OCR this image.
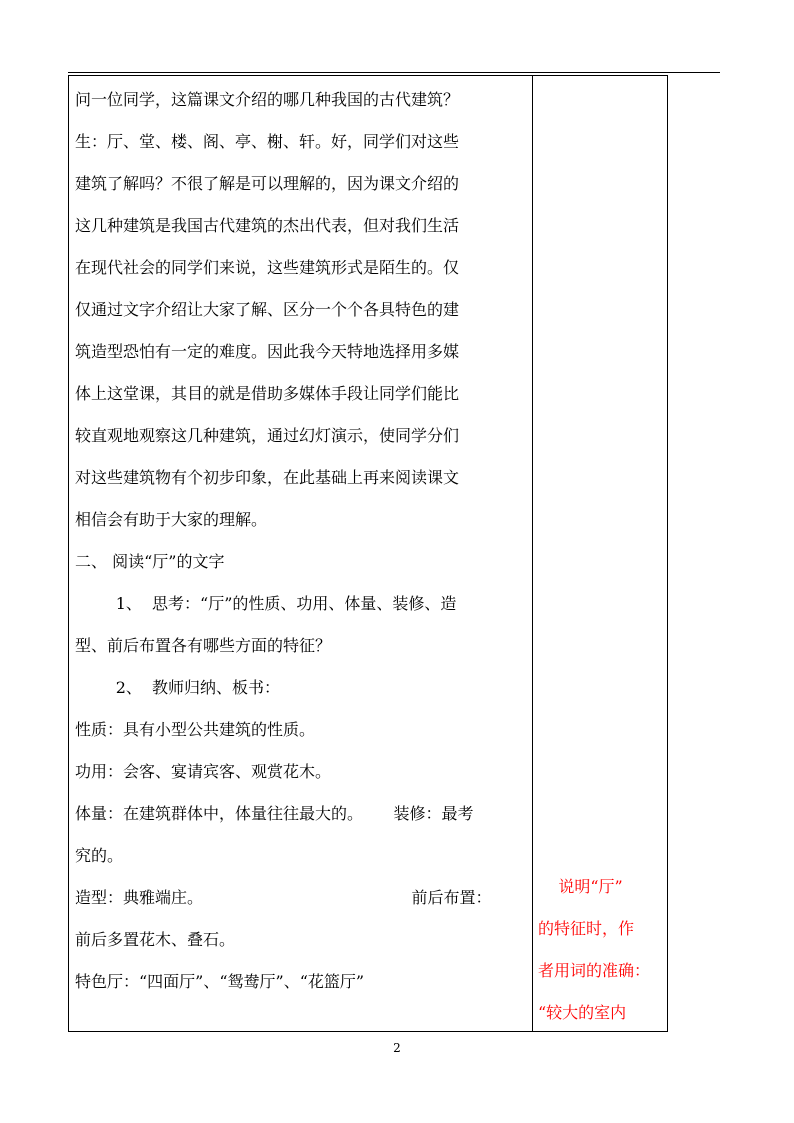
问一位同学，这篇课文介绍的哪几种我国的古代建筑？
生：厅、堂、楼、阁、亭、榭、轩。好，同学们对这些
建筑了解吗？不很了解是可以理解的，因为课文介绍的
这几种建筑是我国古代建筑的杰出代表，但对我们生活
在现代社会的同学们来说，这些建筑形式是陌生的。仅
仅通过文字介绍让大家了解、区分一个个各具特色的建
筑造型恐怕有一定的难度。因此我今天特地选择用多媒
体上这堂课，其目的就是借助多媒体手段让同学们能比
较直观地观察这几种建筑，通过幻灯演示，使同学分们
对这些建筑物有个初步印象，在此基础上再来阅读课文
相信会有助于大家的理解。
二、 阅读“厅”的文字
1、  思考：“厅”的性质、功用、体量、装修、造
型、前后布置各有哪些方面的特征？
2、  教师归纳、板书：
性质：具有小型公共建筑的性质。
功用：会客、宴请宾客、观赏花木。
体量：在建筑群体中，体量往往最大的。      装修：最考
究的。
造型：典雅端庄。                                         前后布置：
前后多置花木、叠石。
特色厅：“四面厅”、“鸳鸯厅”、“花篮厅”
说明“厅”
的特征时，作
者用词的准确：
“较大的室内
2
